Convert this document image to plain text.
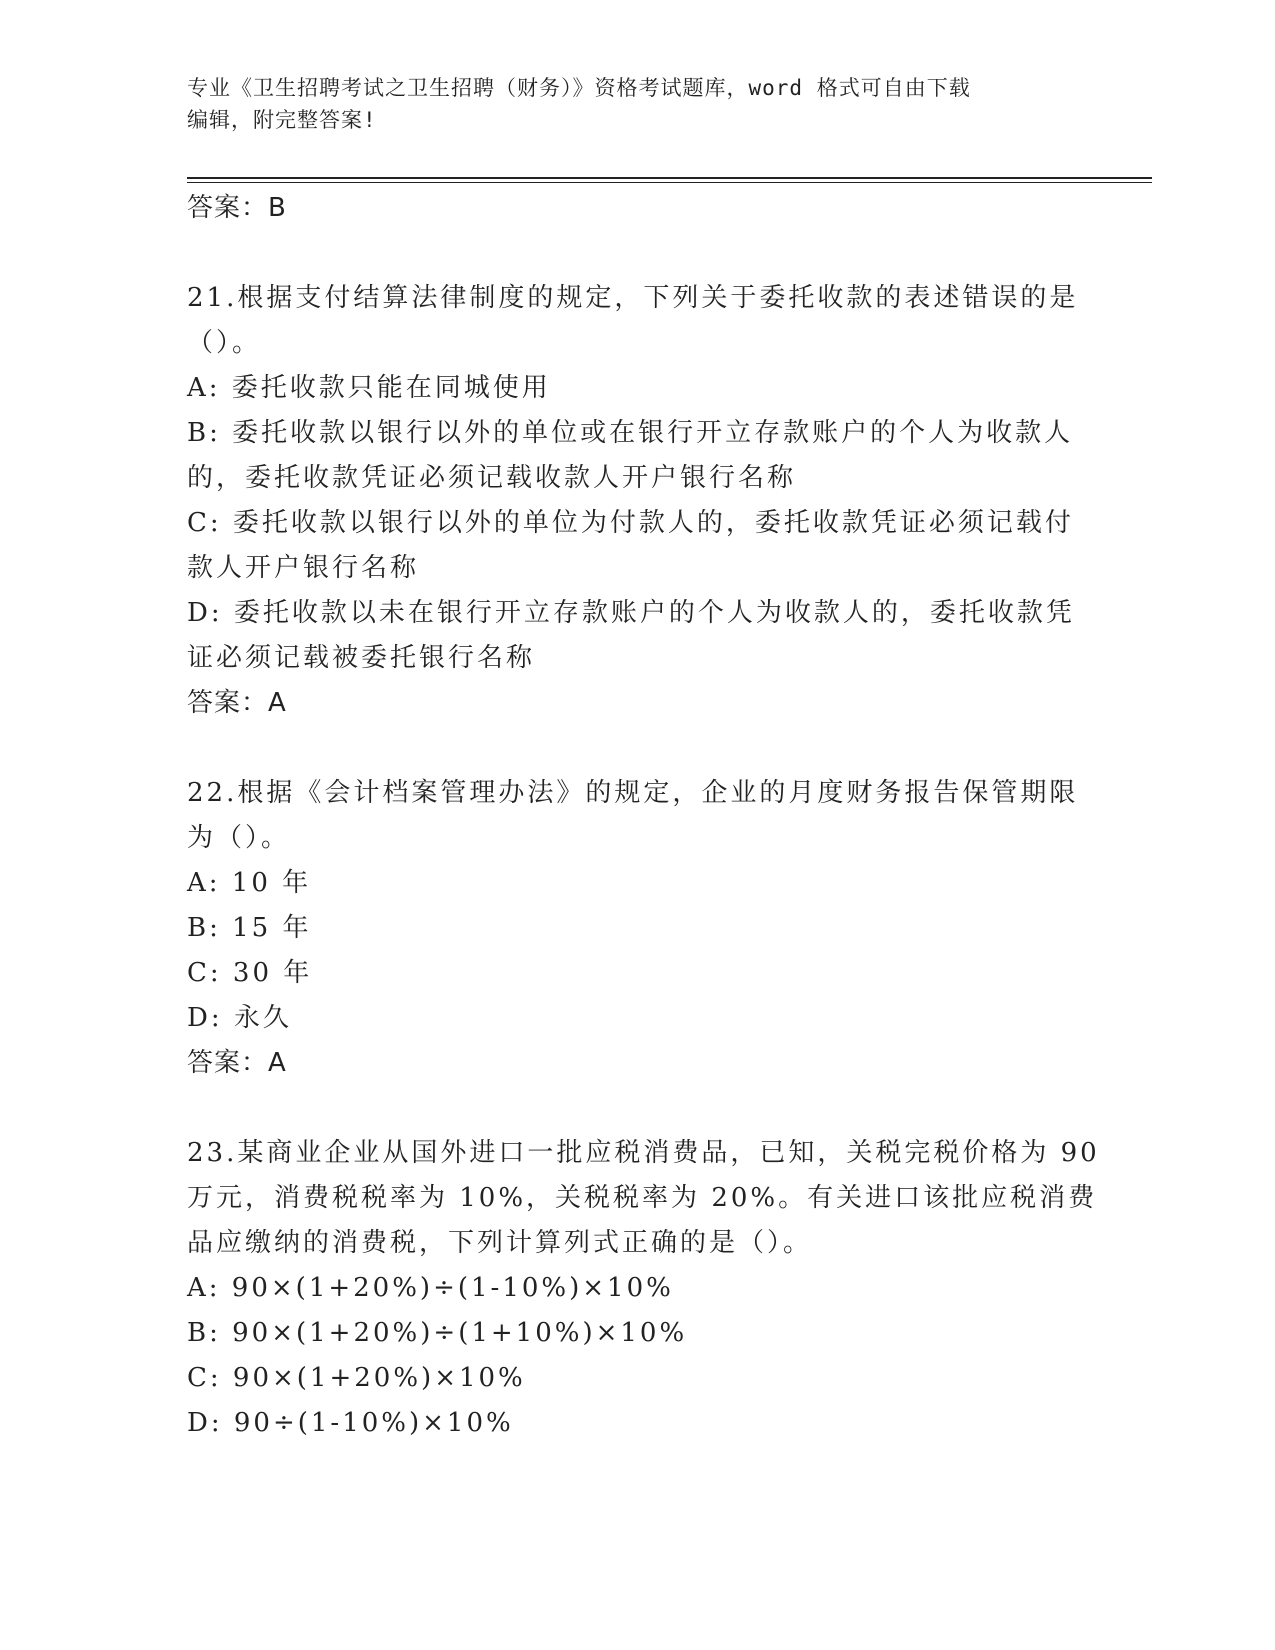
专业《卫生招聘考试之卫生招聘（财务）》资格考试题库，word 格式可自由下载
编辑，附完整答案!
答案：B
21.根据支付结算法律制度的规定，下列关于委托收款的表述错误的是
（）。
A: 委托收款只能在同城使用
B: 委托收款以银行以外的单位或在银行开立存款账户的个人为收款人
的，委托收款凭证必须记载收款人开户银行名称
C: 委托收款以银行以外的单位为付款人的，委托收款凭证必须记载付
款人开户银行名称
D: 委托收款以未在银行开立存款账户的个人为收款人的，委托收款凭
证必须记载被委托银行名称
答案：A
22.根据《会计档案管理办法》的规定，企业的月度财务报告保管期限
为（）。
A: 10 年
B: 15 年
C: 30 年
D: 永久
答案：A
23.某商业企业从国外进口一批应税消费品，已知，关税完税价格为 90
万元，消费税税率为 10%，关税税率为 20%。有关进口该批应税消费
品应缴纳的消费税，下列计算列式正确的是（）。
A: 90×(1+20%)÷(1-10%)×10%
B: 90×(1+20%)÷(1+10%)×10%
C: 90×(1+20%)×10%
D: 90÷(1-10%)×10%
